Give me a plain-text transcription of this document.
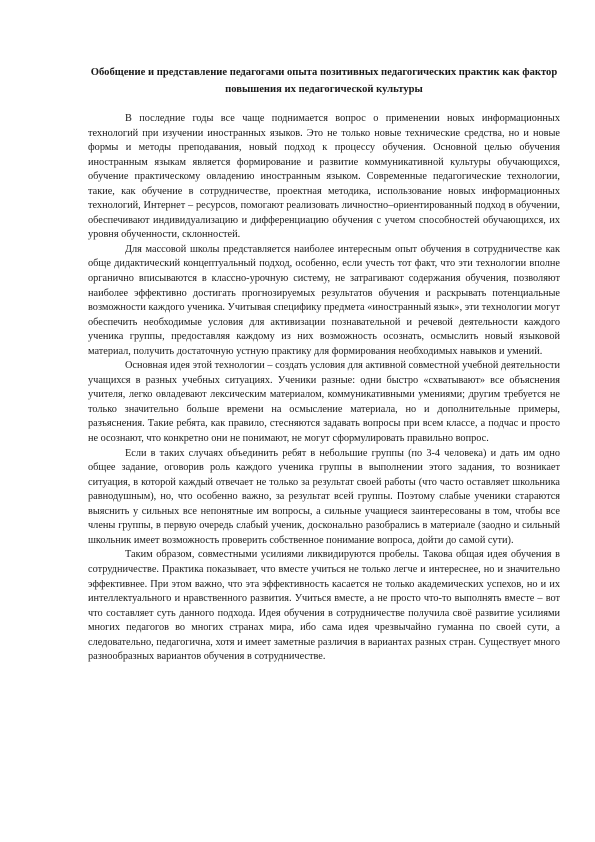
Обобщение и представление педагогами опыта позитивных педагогических практик как фактор повышения их педагогической культуры

В последние годы все чаще поднимается вопрос о применении новых информационных технологий при изучении иностранных языков. Это не только новые технические средства, но и новые формы и методы преподавания, новый подход к процессу обучения. Основной целью обучения иностранным языкам является формирование и развитие коммуникативной культуры обучающихся, обучение практическому овладению иностранным языком. Современные педагогические технологии, такие, как обучение в сотрудничестве, проектная методика, использование новых информационных технологий, Интернет – ресурсов, помогают реализовать личностно–ориентированный подход в обучении, обеспечивают индивидуализацию и дифференциацию обучения с учетом способностей обучающихся, их уровня обученности, склонностей.

Для массовой школы представляется наиболее интересным опыт обучения в сотрудничестве как обще дидактический концептуальный подход, особенно, если учесть тот факт, что эти технологии вполне органично вписываются в классно-урочную систему, не затрагивают содержания обучения, позволяют наиболее эффективно достигать прогнозируемых результатов обучения и раскрывать потенциальные возможности каждого ученика. Учитывая специфику предмета «иностранный язык», эти технологии могут обеспечить необходимые условия для активизации познавательной и речевой деятельности каждого ученика группы, предоставляя каждому из них возможность осознать, осмыслить новый языковой материал, получить достаточную устную практику для формирования необходимых навыков и умений.

Основная идея этой технологии – создать условия для активной совместной учебной деятельности учащихся в разных учебных ситуациях. Ученики разные: одни быстро «схватывают» все объяснения учителя, легко овладевают лексическим материалом, коммуникативными умениями; другим требуется не только значительно больше времени на осмысление материала, но и дополнительные примеры, разъяснения. Такие ребята, как правило, стесняются задавать вопросы при всем классе, а подчас и просто не осознают, что конкретно они не понимают, не могут сформулировать правильно вопрос.

Если в таких случаях объединить ребят в небольшие группы (по 3-4 человека) и дать им одно общее задание, оговорив роль каждого ученика группы в выполнении этого задания, то возникает ситуация, в которой каждый отвечает не только за результат своей работы (что часто оставляет школьника равнодушным), но, что особенно важно, за результат всей группы. Поэтому слабые ученики стараются выяснить у сильных все непонятные им вопросы, а сильные учащиеся заинтересованы в том, чтобы все члены группы, в первую очередь слабый ученик, досконально разобрались в материале (заодно и сильный школьник имеет возможность проверить собственное понимание вопроса, дойти до самой сути).

Таким образом, совместными усилиями ликвидируются пробелы. Такова общая идея обучения в сотрудничестве. Практика показывает, что вместе учиться не только легче и интереснее, но и значительно эффективнее. При этом важно, что эта эффективность касается не только академических успехов, но и их интеллектуального и нравственного развития. Учиться вместе, а не просто что-то выполнять вместе – вот что составляет суть данного подхода. Идея обучения в сотрудничестве получила своё развитие усилиями многих педагогов во многих странах мира, ибо сама идея чрезвычайно гуманна по своей сути, а следовательно, педагогична, хотя и имеет заметные различия в вариантах разных стран. Существует много разнообразных вариантов обучения в сотрудничестве.
